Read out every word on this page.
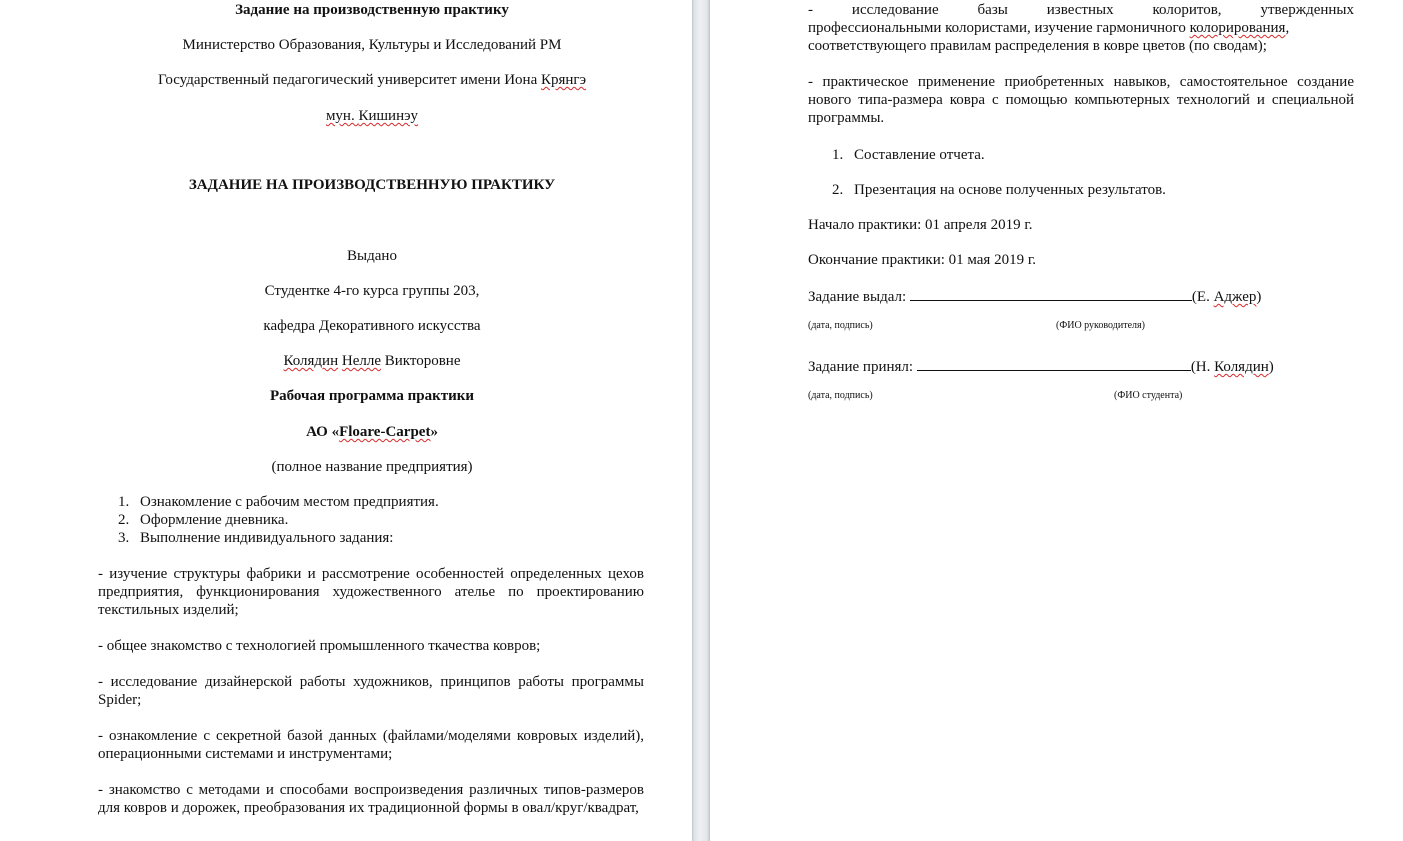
Задание на производственную практику
Министерство Образования, Культуры и Исследований РМ
Государственный педагогический университет имени Иона Крянгэ
мун. Кишинэу
ЗАДАНИЕ НА ПРОИЗВОДСТВЕННУЮ ПРАКТИКУ
Выдано
Студентке 4-го курса группы 203,
кафедра Декоративного искусства
Колядин Нелле Викторовне
Рабочая программа практики
АО «Floare-Carpet»
(полное название предприятия)
1. Ознакомление с рабочим местом предприятия.
2. Оформление дневника.
3. Выполнение индивидуального задания:
- изучение структуры фабрики и рассмотрение особенностей определенных цехов предприятия, функционирования художественного ателье по проектированию текстильных изделий;
- общее знакомство с технологией промышленного ткачества ковров;
- исследование дизайнерской работы художников, принципов работы программы Spider;
- ознакомление с секретной базой данных (файлами/моделями ковровых изделий), операционными системами и инструментами;
- знакомство с методами и способами воспроизведения различных типов-размеров для ковров и дорожек, преобразования их традиционной формы в овал/круг/квадрат,
- исследование базы известных колоритов, утвержденных
профессиональными колористами, изучение гармоничного колорирования,
соответствующего правилам распределения в ковре цветов (по сводам);
- практическое применение приобретенных навыков, самостоятельное создание нового типа-размера ковра с помощью компьютерных технологий и специальной программы.
1. Составление отчета.
2. Презентация на основе полученных результатов.
Начало практики: 01 апреля 2019 г.
Окончание практики: 01 мая 2019 г.
Задание выдал:	(Е. Аджер)
(дата, подпись)	(ФИО руководителя)
Задание принял:	(Н. Колядин)
(дата, подпись)	(ФИО студента)
